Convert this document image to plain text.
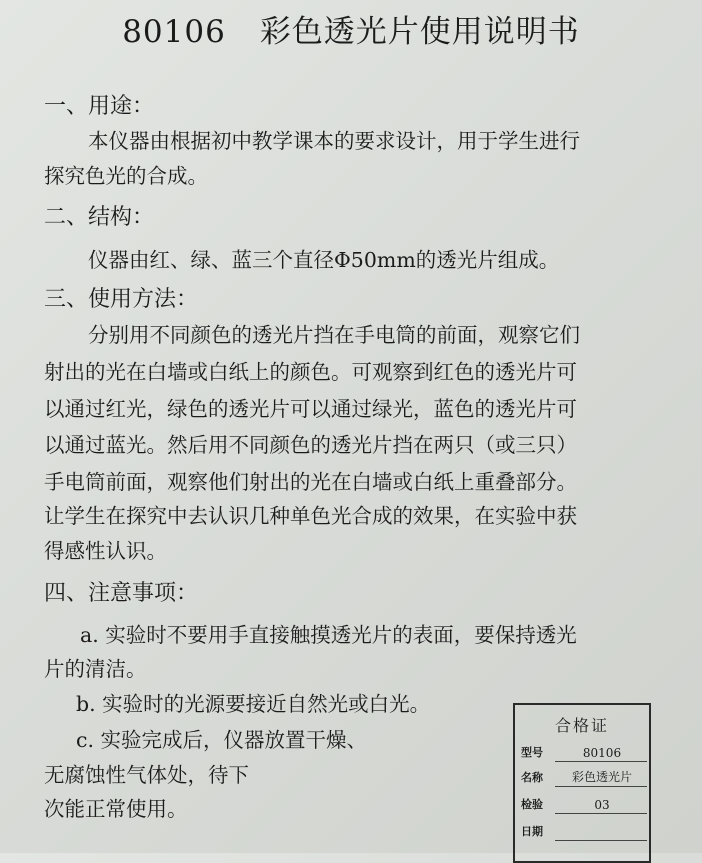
80106 彩色透光片使用说明书
一、用途：
本仪器由根据初中教学课本的要求设计，用于学生进行
探究色光的合成。
二、结构：
仪器由红、绿、蓝三个直径Φ50mm的透光片组成。
三、使用方法：
分别用不同颜色的透光片挡在手电筒的前面，观察它们
射出的光在白墙或白纸上的颜色。可观察到红色的透光片可
以通过红光，绿色的透光片可以通过绿光，蓝色的透光片可
以通过蓝光。然后用不同颜色的透光片挡在两只（或三只）
手电筒前面，观察他们射出的光在白墙或白纸上重叠部分。
让学生在探究中去认识几种单色光合成的效果，在实验中获
得感性认识。
四、注意事项：
a. 实验时不要用手直接触摸透光片的表面，要保持透光
片的清洁。
b. 实验时的光源要接近自然光或白光。
c. 实验完成后，仪器放置干燥、
无腐蚀性气体处，待下
次能正常使用。
合格证
型号	80106
名称	彩色透光片
检验	03
日期
